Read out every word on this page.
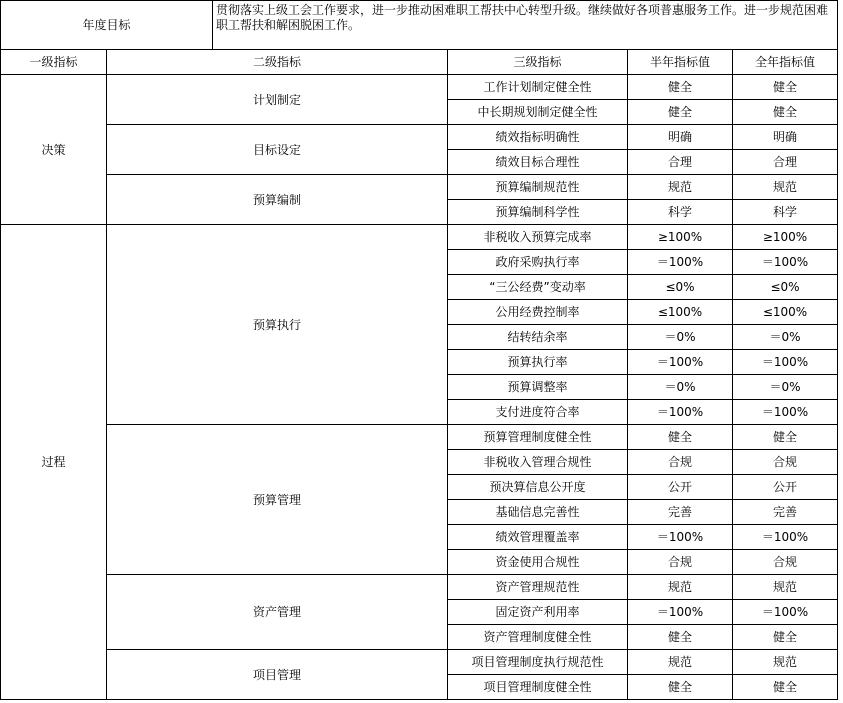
年度目标		贯彻落实上级工会工作要求，进一步推动困难职工帮扶中心转型升级。继续做好各项普惠服务工作。进一步规范困难职工帮扶和解困脱困工作。			
一级指标	二级指标		三级指标	半年指标值	全年指标值
决策	计划制定		工作计划制定健全性	健全	健全
			中长期规划制定健全性	健全	健全
	目标设定		绩效指标明确性	明确	明确
			绩效目标合理性	合理	合理
	预算编制		预算编制规范性	规范	规范
			预算编制科学性	科学	科学
过程	预算执行		非税收入预算完成率	≥100%	≥100%
			政府采购执行率	＝100%	＝100%
			“三公经费”变动率	≤0%	≤0%
			公用经费控制率	≤100%	≤100%
			结转结余率	＝0%	＝0%
			预算执行率	＝100%	＝100%
			预算调整率	＝0%	＝0%
			支付进度符合率	＝100%	＝100%
	预算管理		预算管理制度健全性	健全	健全
			非税收入管理合规性	合规	合规
			预决算信息公开度	公开	公开
			基础信息完善性	完善	完善
			绩效管理覆盖率	＝100%	＝100%
			资金使用合规性	合规	合规
	资产管理		资产管理规范性	规范	规范
			固定资产利用率	＝100%	＝100%
			资产管理制度健全性	健全	健全
	项目管理		项目管理制度执行规范性	规范	规范
			项目管理制度健全性	健全	健全
